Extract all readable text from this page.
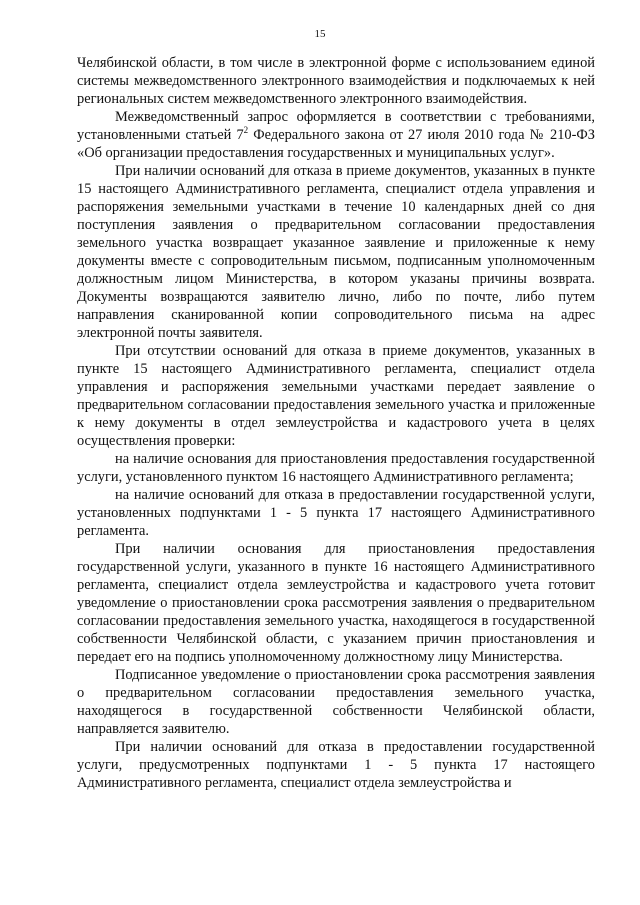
15

Челябинской области, в том числе в электронной форме с использованием единой системы межведомственного электронного взаимодействия и подключаемых к ней региональных систем межведомственного электронного взаимодействия.

Межведомственный запрос оформляется в соответствии с требованиями, установленными статьей $7^2$ Федерального закона от 27 июля 2010 года № 210-ФЗ «Об организации предоставления государственных и муниципальных услуг».

При наличии оснований для отказа в приеме документов, указанных в пункте 15 настоящего Административного регламента, специалист отдела управления и распоряжения земельными участками в течение 10 календарных дней со дня поступления заявления о предварительном согласовании предоставления земельного участка возвращает указанное заявление и приложенные к нему документы вместе с сопроводительным письмом, подписанным уполномоченным должностным лицом Министерства, в котором указаны причины возврата. Документы возвращаются заявителю лично, либо по почте, либо путем направления сканированной копии сопроводительного письма на адрес электронной почты заявителя.

При отсутствии оснований для отказа в приеме документов, указанных в пункте 15 настоящего Административного регламента, специалист отдела управления и распоряжения земельными участками передает заявление о предварительном согласовании предоставления земельного участка и приложенные к нему документы в отдел землеустройства и кадастрового учета в целях осуществления проверки:

на наличие основания для приостановления предоставления государственной услуги, установленного пунктом 16 настоящего Административного регламента;

на наличие оснований для отказа в предоставлении государственной услуги, установленных подпунктами 1 - 5 пункта 17 настоящего Административного регламента.

При наличии основания для приостановления предоставления государственной услуги, указанного в пункте 16 настоящего Административного регламента, специалист отдела землеустройства и кадастрового учета готовит уведомление о приостановлении срока рассмотрения заявления о предварительном согласовании предоставления земельного участка, находящегося в государственной собственности Челябинской области, с указанием причин приостановления и передает его на подпись уполномоченному должностному лицу Министерства.

Подписанное уведомление о приостановлении срока рассмотрения заявления о предварительном согласовании предоставления земельного участка, находящегося в государственной собственности Челябинской области, направляется заявителю.

При наличии оснований для отказа в предоставлении государственной услуги, предусмотренных подпунктами 1 - 5 пункта 17 настоящего Административного регламента, специалист отдела землеустройства и
